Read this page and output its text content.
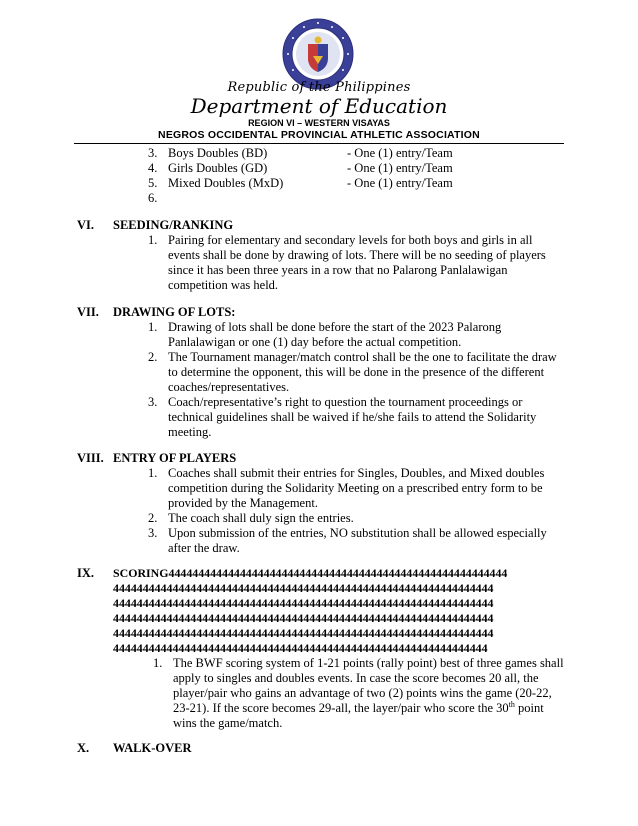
Republic of the Philippines
Department of Education
REGION VI – WESTERN VISAYAS
NEGROS OCCIDENTAL PROVINCIAL ATHLETIC ASSOCIATION
3. Boys Doubles (BD)	- One (1) entry/Team
4. Girls Doubles (GD)	- One (1) entry/Team
5. Mixed Doubles (MxD)	- One (1) entry/Team
6.
VI. SEEDING/RANKING
1. Pairing for elementary and secondary levels for both boys and girls in all
events shall be done by drawing of lots. There will be no seeding of players
since it has been three years in a row that no Palarong Panlalawigan
competition was held.
VII. DRAWING OF LOTS:
1. Drawing of lots shall be done before the start of the 2023 Palarong
Panlalawigan or one (1) day before the actual competition.
2. The Tournament manager/match control shall be the one to facilitate the draw
to determine the opponent, this will be done in the presence of the different
coaches/representatives.
3. Coach/representative’s right to question the tournament proceedings or
technical guidelines shall be waived if he/she fails to attend the Solidarity
meeting.
VIII. ENTRY OF PLAYERS
1. Coaches shall submit their entries for Singles, Doubles, and Mixed doubles
competition during the Solidarity Meeting on a prescribed entry form to be
provided by the Management.
2. The coach shall duly sign the entries.
3. Upon submission of the entries, NO substitution shall be allowed especially
after the draw.
IX. SCORING444444444444444444444444444444444444444444444444444444444
4444444444444444444444444444444444444444444444444444444444444444
4444444444444444444444444444444444444444444444444444444444444444
4444444444444444444444444444444444444444444444444444444444444444
4444444444444444444444444444444444444444444444444444444444444444
444444444444444444444444444444444444444444444444444444444444444
1. The BWF scoring system of 1-21 points (rally point) best of three games shall
apply to singles and doubles events. In case the score becomes 20 all, the
player/pair who gains an advantage of two (2) points wins the game (20-22,
23-21). If the score becomes 29-all, the layer/pair who score the 30th point
wins the game/match.
X. WALK-OVER
